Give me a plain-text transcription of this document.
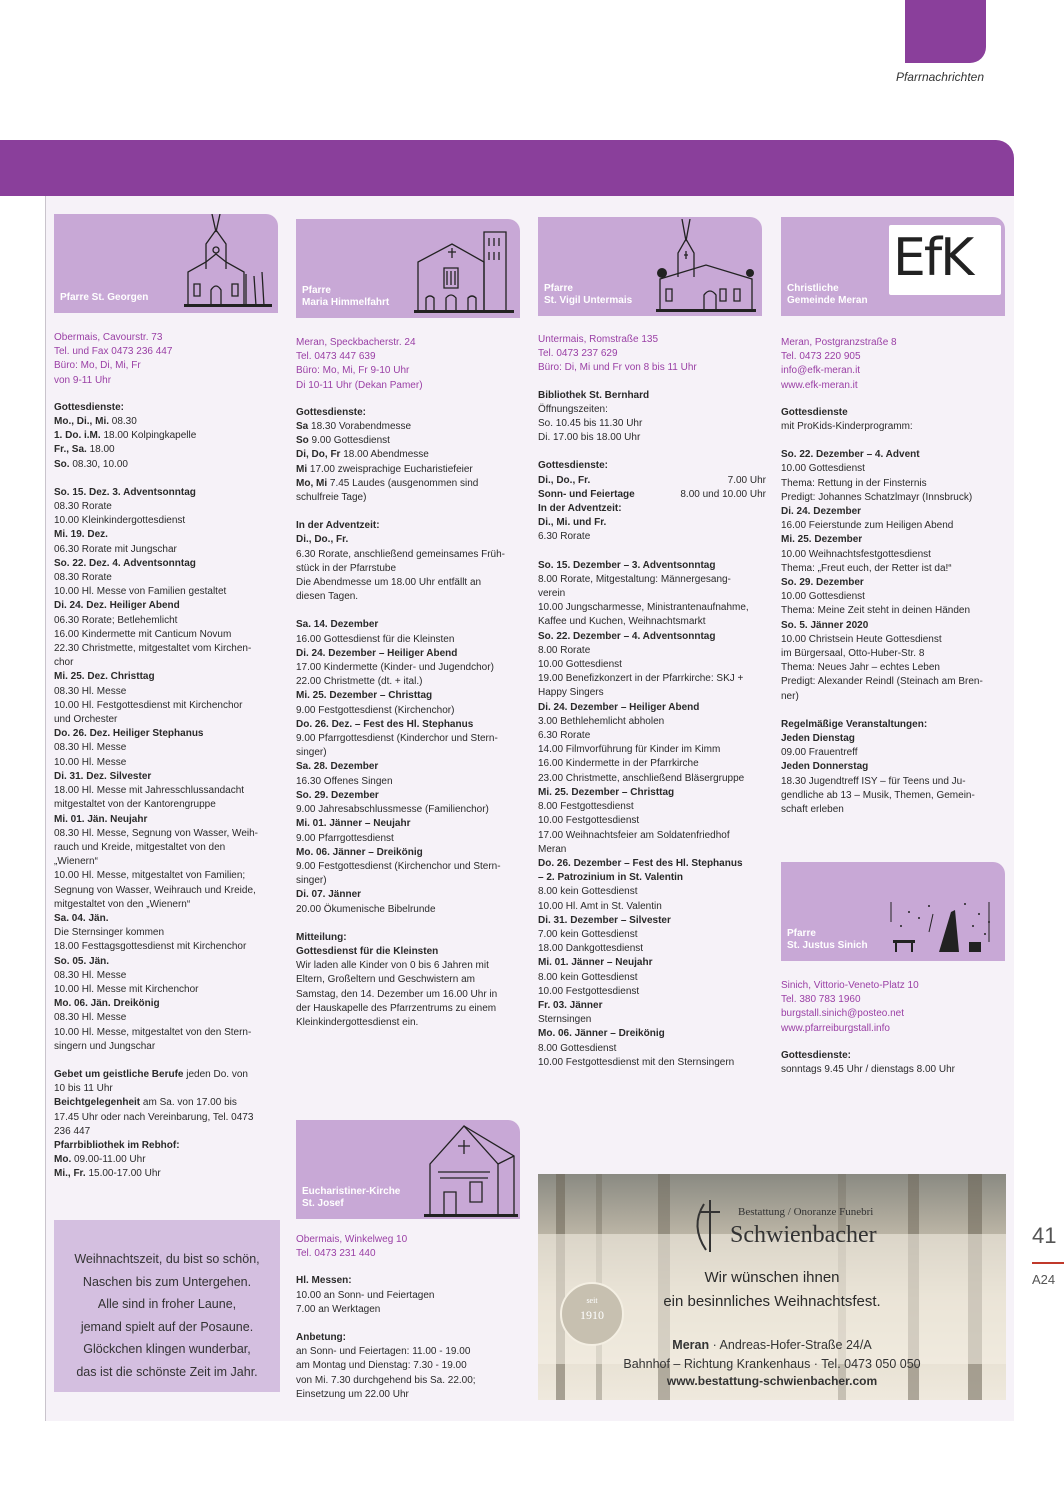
Pfarrnachrichten
Pfarre St. Georgen
Obermais, Cavourstr. 73
Tel. und Fax 0473 236 447
Büro: Mo, Di, Mi, Fr
von 9-11 Uhr
Gottesdienste:
Mo., Di., Mi. 08.30
1. Do. i.M. 18.00 Kolpingkapelle
Fr., Sa. 18.00
So. 08.30, 10.00
So. 15. Dez. 3. Adventsonntag
08.30 Rorate
10.00 Kleinkindergottesdienst
Mi. 19. Dez.
06.30 Rorate mit Jungschar
So. 22. Dez. 4. Adventsonntag
08.30 Rorate
10.00 Hl. Messe von Familien gestaltet
Di. 24. Dez. Heiliger Abend
06.30 Rorate; Betlehemlicht
16.00 Kindermette mit Canticum Novum
22.30 Christmette, mitgestaltet vom Kirchen-
chor
Mi. 25. Dez. Christtag
08.30 Hl. Messe
10.00 Hl. Festgottesdienst mit Kirchenchor
und Orchester
Do. 26. Dez. Heiliger Stephanus
08.30 Hl. Messe
10.00 Hl. Messe
Di. 31. Dez. Silvester
18.00 Hl. Messe mit Jahresschlussandacht
mitgestaltet von der Kantorengruppe
Mi. 01. Jän. Neujahr
08.30 Hl. Messe, Segnung von Wasser, Weih-
rauch und Kreide, mitgestaltet von den
„Wienern“
10.00 Hl. Messe, mitgestaltet von Familien;
Segnung von Wasser, Weihrauch und Kreide,
mitgestaltet von den „Wienern“
Sa. 04. Jän.
Die Sternsinger kommen
18.00 Festtagsgottesdienst mit Kirchenchor
So. 05. Jän.
08.30 Hl. Messe
10.00 Hl. Messe mit Kirchenchor
Mo. 06. Jän. Dreikönig
08.30 Hl. Messe
10.00 Hl. Messe, mitgestaltet von den Stern-
singern und Jungschar
Gebet um geistliche Berufe jeden Do. von
10 bis 11 Uhr
Beichtgelegenheit am Sa. von 17.00 bis
17.45 Uhr oder nach Vereinbarung, Tel. 0473
236 447
Pfarrbibliothek im Rebhof:
Mo. 09.00-11.00 Uhr
Mi., Fr. 15.00-17.00 Uhr
Weihnachtszeit, du bist so schön,
Naschen bis zum Untergehen.
Alle sind in froher Laune,
jemand spielt auf der Posaune.
Glöckchen klingen wunderbar,
das ist die schönste Zeit im Jahr.
Pfarre
Maria Himmelfahrt
Meran, Speckbacherstr. 24
Tel. 0473 447 639
Büro: Mo, Mi, Fr 9-10 Uhr
Di 10-11 Uhr (Dekan Pamer)
Gottesdienste:
Sa 18.30 Vorabendmesse
So 9.00 Gottesdienst
Di, Do, Fr 18.00 Abendmesse
Mi 17.00 zweisprachige Eucharistiefeier
Mo, Mi 7.45 Laudes (ausgenommen sind
schulfreie Tage)
In der Adventzeit:
Di., Do., Fr.
6.30 Rorate, anschließend gemeinsames Früh-
stück in der Pfarrstube
Die Abendmesse um 18.00 Uhr entfällt an
diesen Tagen.
Sa. 14. Dezember
16.00 Gottesdienst für die Kleinsten
Di. 24. Dezember – Heiliger Abend
17.00 Kindermette (Kinder- und Jugendchor)
22.00 Christmette (dt. + ital.)
Mi. 25. Dezember – Christtag
9.00 Festgottesdienst (Kirchenchor)
Do. 26. Dez. – Fest des Hl. Stephanus
9.00 Pfarrgottesdienst (Kinderchor und Stern-
singer)
Sa. 28. Dezember
16.30 Offenes Singen
So. 29. Dezember
9.00 Jahresabschlussmesse (Familienchor)
Mi. 01. Jänner – Neujahr
9.00 Pfarrgottesdienst
Mo. 06. Jänner – Dreikönig
9.00 Festgottesdienst (Kirchenchor und Stern-
singer)
Di. 07. Jänner
20.00 Ökumenische Bibelrunde
Mitteilung:
Gottesdienst für die Kleinsten
Wir laden alle Kinder von 0 bis 6 Jahren mit
Eltern, Großeltern und Geschwistern am
Samstag, den 14. Dezember um 16.00 Uhr in
der Hauskapelle des Pfarrzentrums zu einem
Kleinkindergottesdienst ein.
Eucharistiner-Kirche
St. Josef
Obermais, Winkelweg 10
Tel. 0473 231 440
Hl. Messen:
10.00 an Sonn- und Feiertagen
7.00 an Werktagen
Anbetung:
an Sonn- und Feiertagen: 11.00 - 19.00
am Montag und Dienstag: 7.30 - 19.00
von Mi. 7.30 durchgehend bis Sa. 22.00;
Einsetzung um 22.00 Uhr
Pfarre
St. Vigil Untermais
Untermais, Romstraße 135
Tel. 0473 237 629
Büro: Di, Mi und Fr von 8 bis 11 Uhr
Bibliothek St. Bernhard
Öffnungszeiten:
So. 10.45 bis 11.30 Uhr
Di. 17.00 bis 18.00 Uhr
Gottesdienste:
Di., Do., Fr.	7.00 Uhr
Sonn- und Feiertage	8.00 und 10.00 Uhr
In der Adventzeit:
Di., Mi. und Fr.
6.30 Rorate
So. 15. Dezember – 3. Adventsonntag
8.00 Rorate, Mitgestaltung: Männergesang-
verein
10.00 Jungscharmesse, Ministrantenaufnahme,
Kaffee und Kuchen, Weihnachtsmarkt
So. 22. Dezember – 4. Adventsonntag
8.00 Rorate
10.00 Gottesdienst
19.00 Benefizkonzert in der Pfarrkirche: SKJ +
Happy Singers
Di. 24. Dezember – Heiliger Abend
3.00 Bethlehemlicht abholen
6.30 Rorate
14.00 Filmvorführung für Kinder im Kimm
16.00 Kindermette in der Pfarrkirche
23.00 Christmette, anschließend Bläsergruppe
Mi. 25. Dezember – Christtag
8.00 Festgottesdienst
10.00 Festgottesdienst
17.00 Weihnachtsfeier am Soldatenfriedhof
Meran
Do. 26. Dezember – Fest des Hl. Stephanus
– 2. Patrozinium in St. Valentin
8.00 kein Gottesdienst
10.00 Hl. Amt in St. Valentin
Di. 31. Dezember – Silvester
7.00 kein Gottesdienst
18.00 Dankgottesdienst
Mi. 01. Jänner – Neujahr
8.00 kein Gottesdienst
10.00 Festgottesdienst
Fr. 03. Jänner
Sternsingen
Mo. 06. Jänner – Dreikönig
8.00 Gottesdienst
10.00 Festgottesdienst mit den Sternsingern
EfK
Christliche
Gemeinde Meran
Meran, Postgranzstraße 8
Tel. 0473 220 905
info@efk-meran.it
www.efk-meran.it
Gottesdienste
mit ProKids-Kinderprogramm:
So. 22. Dezember – 4. Advent
10.00 Gottesdienst
Thema: Rettung in der Finsternis
Predigt: Johannes Schatzlmayr (Innsbruck)
Di. 24. Dezember
16.00 Feierstunde zum Heiligen Abend
Mi. 25. Dezember
10.00 Weihnachtsfestgottesdienst
Thema: „Freut euch, der Retter ist da!“
So. 29. Dezember
10.00 Gottesdienst
Thema: Meine Zeit steht in deinen Händen
So. 5. Jänner 2020
10.00 Christsein Heute Gottesdienst
im Bürgersaal, Otto-Huber-Str. 8
Thema: Neues Jahr – echtes Leben
Predigt: Alexander Reindl (Steinach am Bren-
ner)
Regelmäßige Veranstaltungen:
Jeden Dienstag
09.00 Frauentreff
Jeden Donnerstag
18.30 Jugendtreff ISY – für Teens und Ju-
gendliche ab 13 – Musik, Themen, Gemein-
schaft erleben
Pfarre
St. Justus Sinich
Sinich, Vittorio-Veneto-Platz 10
Tel. 380 783 1960
burgstall.sinich@posteo.net
www.pfarreiburgstall.info
Gottesdienste:
sonntags 9.45 Uhr / dienstags 8.00 Uhr
Bestattung / Onoranze Funebri
Schwienbacher
Wir wünschen ihnen
ein besinnliches Weihnachtsfest.
seit
1910
Meran · Andreas-Hofer-Straße 24/A
Bahnhof – Richtung Krankenhaus · Tel. 0473 050 050
www.bestattung-schwienbacher.com
41
A24
